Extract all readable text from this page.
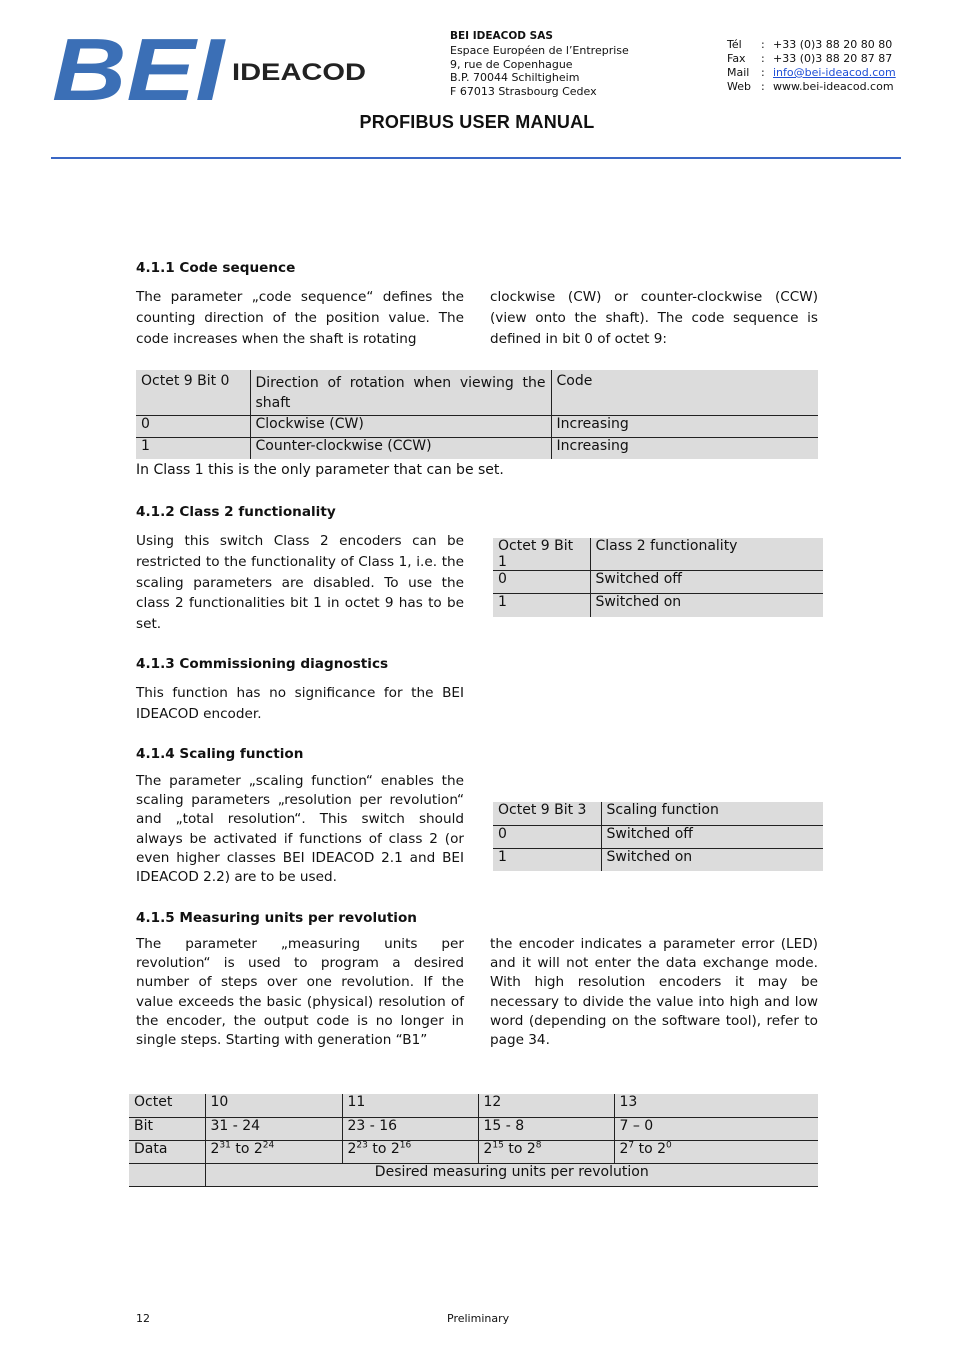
BEI IDEACOD
BEI IDEACOD SAS
Espace Européen de l’Entreprise
9, rue de Copenhague
B.P. 70044 Schiltigheim
F 67013 Strasbourg Cedex
Tél	: +33 (0)3 88 20 80 80
Fax	: +33 (0)3 88 20 87 87
Mail	: info@bei-ideacod.com
Web : www.bei-ideacod.com
PROFIBUS USER MANUAL
4.1.1 Code sequence
The parameter „code sequence“ defines the counting direction of the position value. The code increases when the shaft is rotating
clockwise (CW) or counter-clockwise (CCW) (view onto the shaft). The code sequence is defined in bit 0 of octet 9:
Octet 9 Bit 0	Direction of rotation when viewing the shaft	Code
0	Clockwise (CW)	Increasing
1	Counter-clockwise (CCW)	Increasing
In Class 1 this is the only parameter that can be set.
4.1.2 Class 2 functionality
Using this switch Class 2 encoders can be restricted to the functionality of Class 1, i.e. the scaling parameters are disabled. To use the class 2 functionalities bit 1 in octet 9 has to be set.
Octet 9 Bit 1	Class 2 functionality
0	Switched off
1	Switched on
4.1.3 Commissioning diagnostics
This function has no significance for the BEI IDEACOD encoder.
4.1.4 Scaling function
The parameter „scaling function“ enables the scaling parameters „resolution per revolution“ and „total resolution“. This switch should always be activated if functions of class 2 (or even higher classes BEI IDEACOD 2.1 and BEI IDEACOD 2.2) are to be used.
Octet 9 Bit 3	Scaling function
0	Switched off
1	Switched on
4.1.5 Measuring units per revolution
The parameter „measuring units per revolution“ is used to program a desired number of steps over one revolution. If the value exceeds the basic (physical) resolution of the encoder, the output code is no longer in single steps. Starting with generation “B1”
the encoder indicates a parameter error (LED) and it will not enter the data exchange mode. With high resolution encoders it may be necessary to divide the value into high and low word (depending on the software tool), refer to page 34.
Octet	10	11	12	13
Bit	31 - 24	23 - 16	15 - 8	7 – 0
Data	$2^{31}$ to $2^{24}$	$2^{23}$ to $2^{16}$	$2^{15}$ to $2^8$	$2^7$ to $2^0$
	Desired measuring units per revolution			
12	Preliminary
